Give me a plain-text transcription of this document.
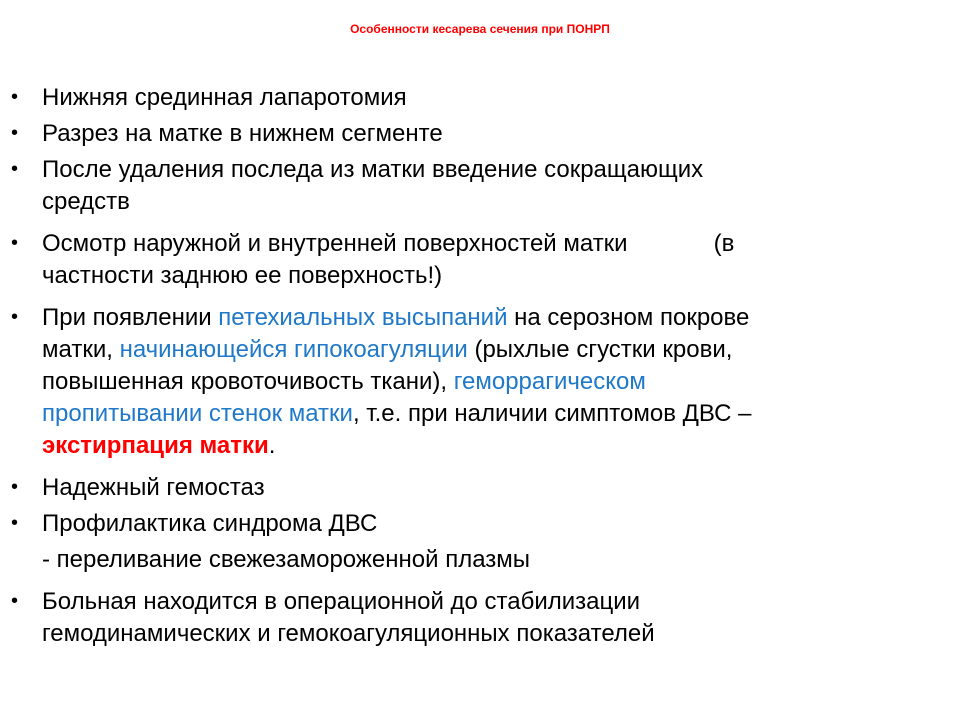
Особенности кесарева сечения при ПОНРП
• Нижняя срединная лапаротомия
• Разрез на матке в нижнем сегменте
• После удаления последа из матки введение сокращающих
средств
• Осмотр наружной и внутренней поверхностей матки	(в
частности заднюю ее поверхность!)
• При появлении петехиальных высыпаний на серозном покрове
матки, начинающейся гипокоагуляции (рыхлые сгустки крови,
повышенная кровоточивость ткани), геморрагическом
пропитывании стенок матки, т.е. при наличии симптомов ДВС –
экстирпация матки.
• Надежный гемостаз
• Профилактика синдрома ДВС
- переливание свежезамороженной плазмы
• Больная находится в операционной до стабилизации
гемодинамических и гемокоагуляционных показателей
